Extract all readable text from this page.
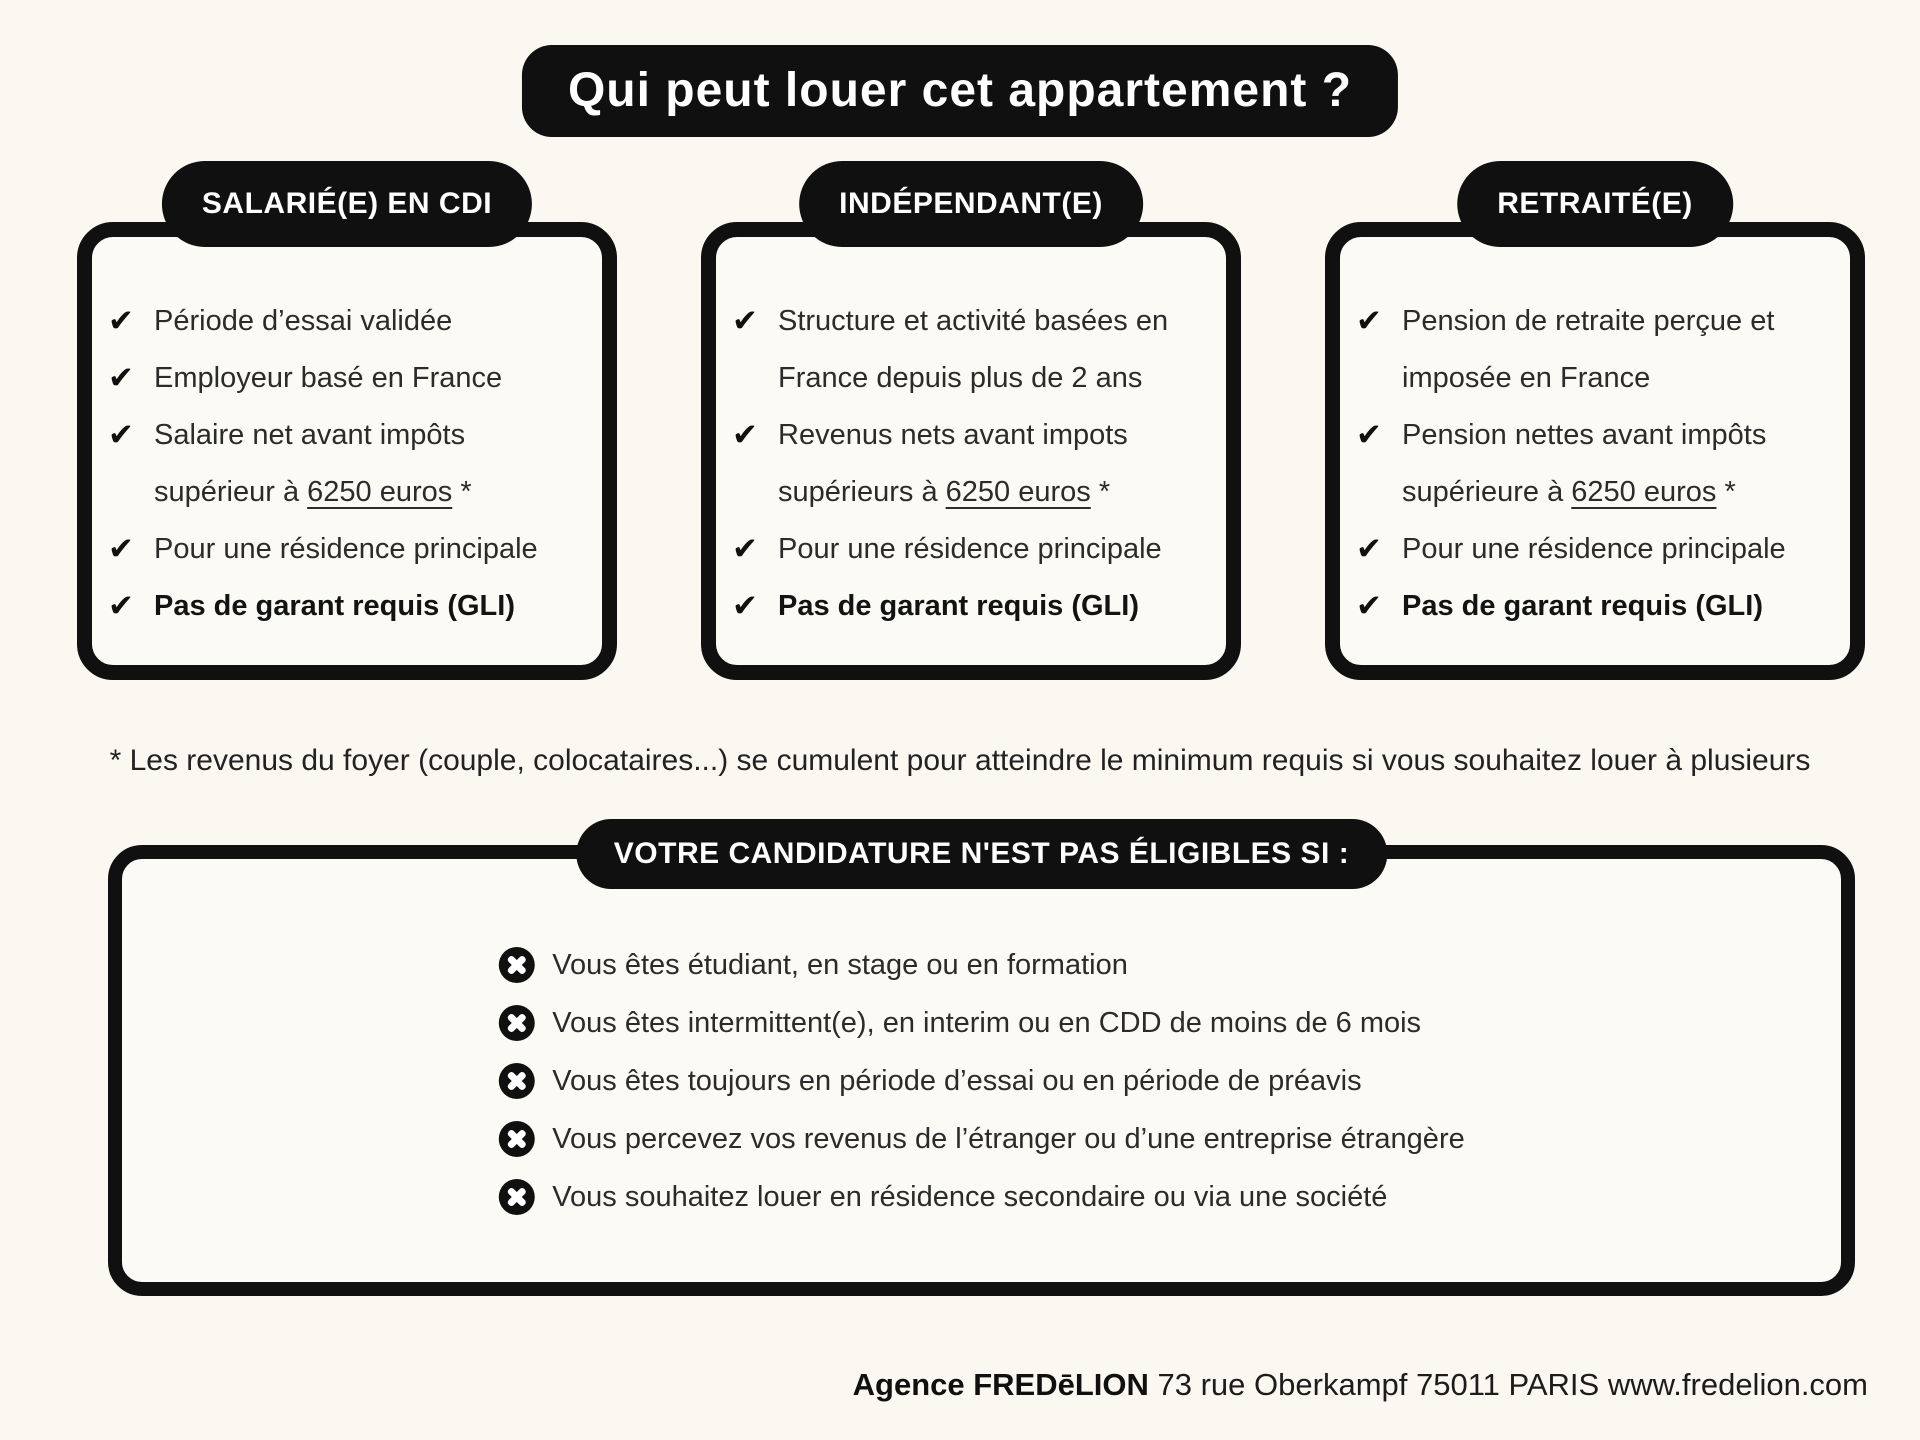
Qui peut louer cet appartement ?
SALARIÉ(E) EN CDI
✔ Période d’essai validée
✔ Employeur basé en France
✔ Salaire net avant impôts
supérieur à 6250 euros *
✔ Pour une résidence principale
✔ Pas de garant requis (GLI)
INDÉPENDANT(E)
✔ Structure et activité basées en
France depuis plus de 2 ans
✔ Revenus nets avant impots
supérieurs à 6250 euros *
✔ Pour une résidence principale
✔ Pas de garant requis (GLI)
RETRAITÉ(E)
✔ Pension de retraite perçue et
imposée en France
✔ Pension nettes avant impôts
supérieure à 6250 euros *
✔ Pour une résidence principale
✔ Pas de garant requis (GLI)
* Les revenus du foyer (couple, colocataires...) se cumulent pour atteindre le minimum requis si vous souhaitez louer à plusieurs
VOTRE CANDIDATURE N'EST PAS ÉLIGIBLES SI :
Vous êtes étudiant, en stage ou en formation
Vous êtes intermittent(e), en interim ou en CDD de moins de 6 mois
Vous êtes toujours en période d’essai ou en période de préavis
Vous percevez vos revenus de l’étranger ou d’une entreprise étrangère
Vous souhaitez louer en résidence secondaire ou via une société
Agence FREDēLION 73 rue Oberkampf 75011 PARIS www.fredelion.com
